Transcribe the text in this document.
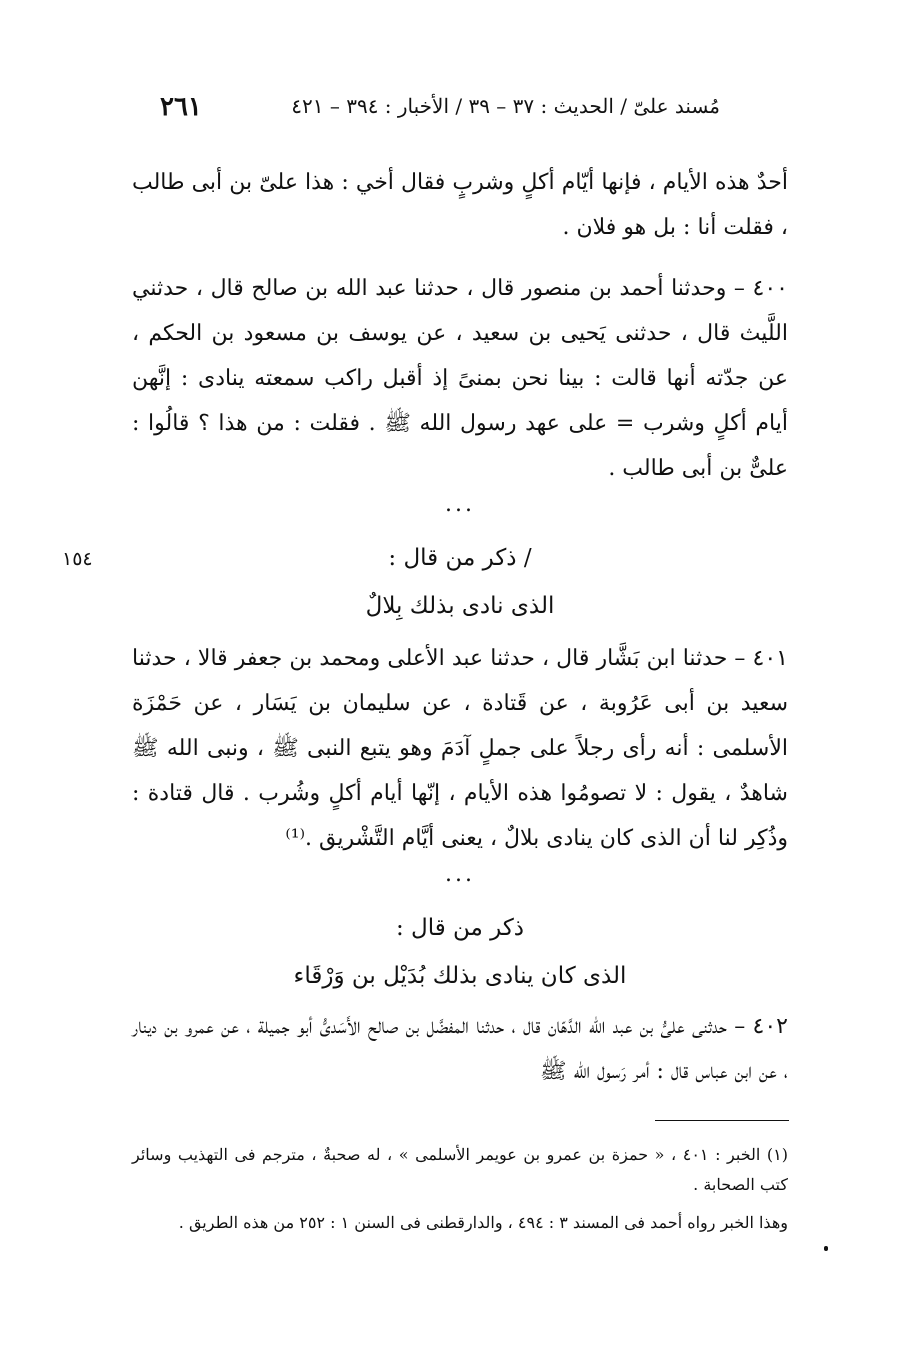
مُسند علىّ / الحديث : ٣٧ – ٣٩ / الأخبار : ٣٩٤ – ٤٢١
٢٦١

أحدٌ هذه الأيام ، فإنها أيّام أكلٍ وشربٍ فقال أخي : هذا علىّ بن أبى طالب ، فقلت أنا : بل هو فلان .

٤٠٠ – وحدثنا أحمد بن منصور قال ، حدثنا عبد الله بن صالح قال ، حدثني اللَّيث قال ، حدثنى يَحيى بن سعيد ، عن يوسف بن مسعود بن الحكم ، عن جدّته أنها قالت : بينا نحن بمنىً إذ أقبل راكب سمعته ينادى : إنَّهن أيام أكلٍ وشرب = على عهد رسول الله ﷺ . فقلت : من هذا ؟ قالُوا : علىٌّ بن أبى طالب .

...
١٥٤	/ ذكر من قال :
الذى نادى بذلك بِلالٌ

٤٠١ – حدثنا ابن بَشَّار قال ، حدثنا عبد الأعلى ومحمد بن جعفر قالا ، حدثنا سعيد بن أبى عَرُوبة ، عن قَتادة ، عن سليمان بن يَسَار ، عن حَمْزَة الأسلمى : أنه رأى رجلاً على جملٍ آدَمَ وهو يتبع النبى ﷺ ، ونبى الله ﷺ شاهدٌ ، يقول : لا تصومُوا هذه الأيام ، إنّها أيام أكلٍ وشُرب . قال قتادة : وذُكِر لنا أن الذى كان ينادى بلالٌ ، يعنى أيَّام التَّشْريق .⁽¹⁾

...
ذكر من قال :
الذى كان ينادى بذلك بُدَيْل بن وَرْقَاء

٤٠٢ – حدثنى علىُّ بن عبد الله الدَّهّان قال ، حدثنا المفضَّل بن صالح الأَسَدىُّ أبو جميلة ، عن عمرو بن دينار ، عن ابن عباس قال : أمر رَسول الله ﷺ

(١) الخبر : ٤٠١ ، « حمزة بن عمرو بن عويمر الأسلمى » ، له صحبةٌ ، مترجم فى التهذيب وسائر كتب الصحابة .

وهذا الخبر رواه أحمد فى المسند ٣ : ٤٩٤ ، والدارقطنى فى السنن ١ : ٢٥٢ من هذه الطريق .
